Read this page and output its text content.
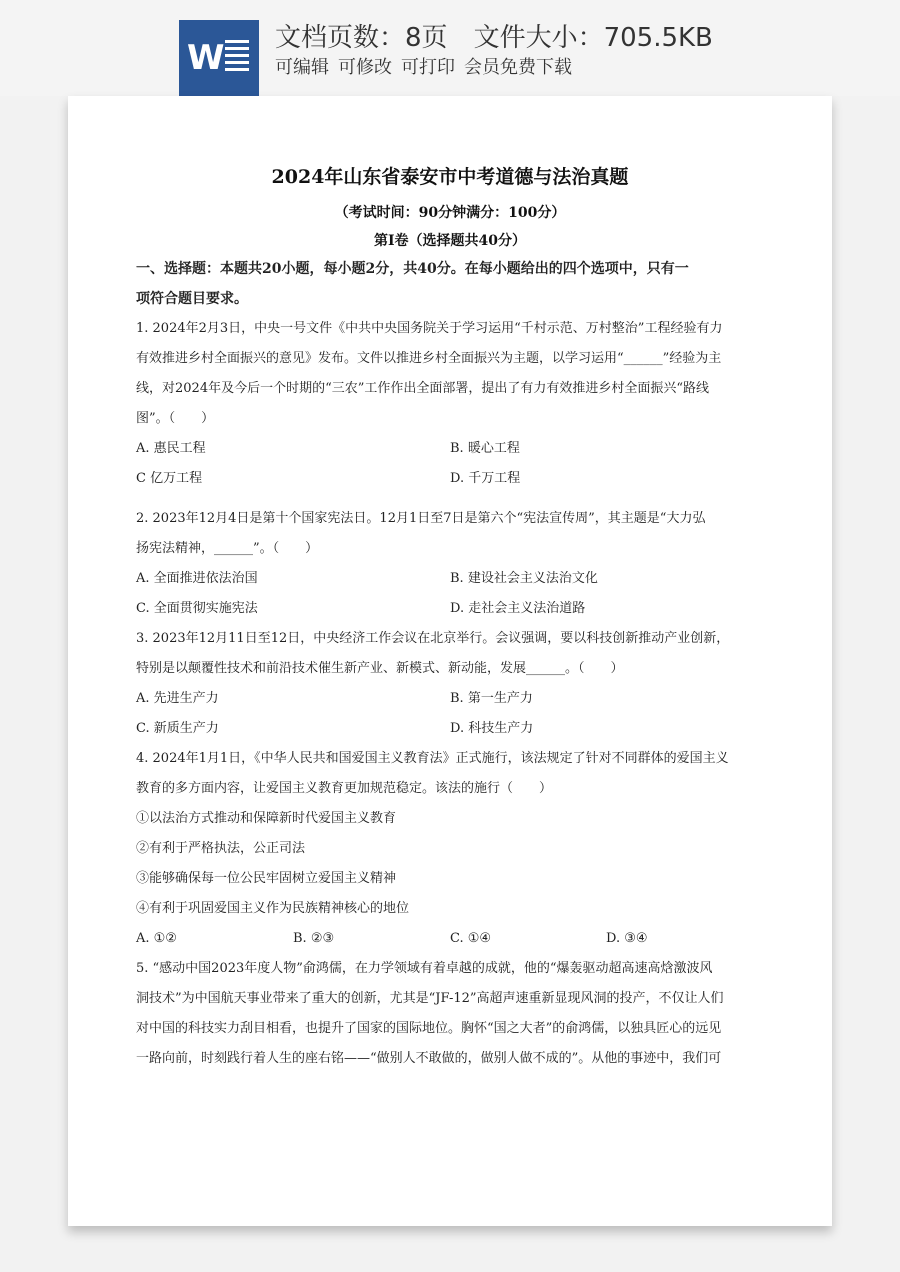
W 文档页数：8页　 文件大小：705.5KB
可编辑 可修改 可打印 会员免费下载
2024年山东省泰安市中考道德与法治真题
（考试时间：90分钟满分：100分）
第Ⅰ卷（选择题共40分）
一、选择题：本题共20小题，每小题2分，共40分。在每小题给出的四个选项中，只有一
项符合题目要求。
1. 2024年2月3日，中央一号文件《中共中央国务院关于学习运用“千村示范、万村整治”工程经验有力
有效推进乡村全面振兴的意见》发布。文件以推进乡村全面振兴为主题，以学习运用“______”经验为主
线，对2024年及今后一个时期的“三农”工作作出全面部署，提出了有力有效推进乡村全面振兴“路线
图”。（　　）
A. 惠民工程	B. 暖心工程
C 亿万工程	D. 千万工程
2. 2023年12月4日是第十个国家宪法日。12月1日至7日是第六个“宪法宣传周”，其主题是“大力弘
扬宪法精神，______”。（　　）
A. 全面推进依法治国	B. 建设社会主义法治文化
C. 全面贯彻实施宪法	D. 走社会主义法治道路
3. 2023年12月11日至12日，中央经济工作会议在北京举行。会议强调，要以科技创新推动产业创新，
特别是以颠覆性技术和前沿技术催生新产业、新模式、新动能，发展______。（　　）
A. 先进生产力	B. 第一生产力
C. 新质生产力	D. 科技生产力
4. 2024年1月1日，《中华人民共和国爱国主义教育法》正式施行，该法规定了针对不同群体的爱国主义
教育的多方面内容，让爱国主义教育更加规范稳定。该法的施行（　　）
①以法治方式推动和保障新时代爱国主义教育
②有利于严格执法，公正司法
③能够确保每一位公民牢固树立爱国主义精神
④有利于巩固爱国主义作为民族精神核心的地位
A. ①②	B. ②③	C. ①④	D. ③④
5. “感动中国2023年度人物”俞鸿儒，在力学领域有着卓越的成就，他的“爆轰驱动超高速高焓激波风
洞技术”为中国航天事业带来了重大的创新，尤其是“JF-12”高超声速重新显现风洞的投产，不仅让人们
对中国的科技实力刮目相看，也提升了国家的国际地位。胸怀“国之大者”的俞鸿儒，以独具匠心的远见
一路向前，时刻践行着人生的座右铭——“做别人不敢做的，做别人做不成的”。从他的事迹中，我们可
